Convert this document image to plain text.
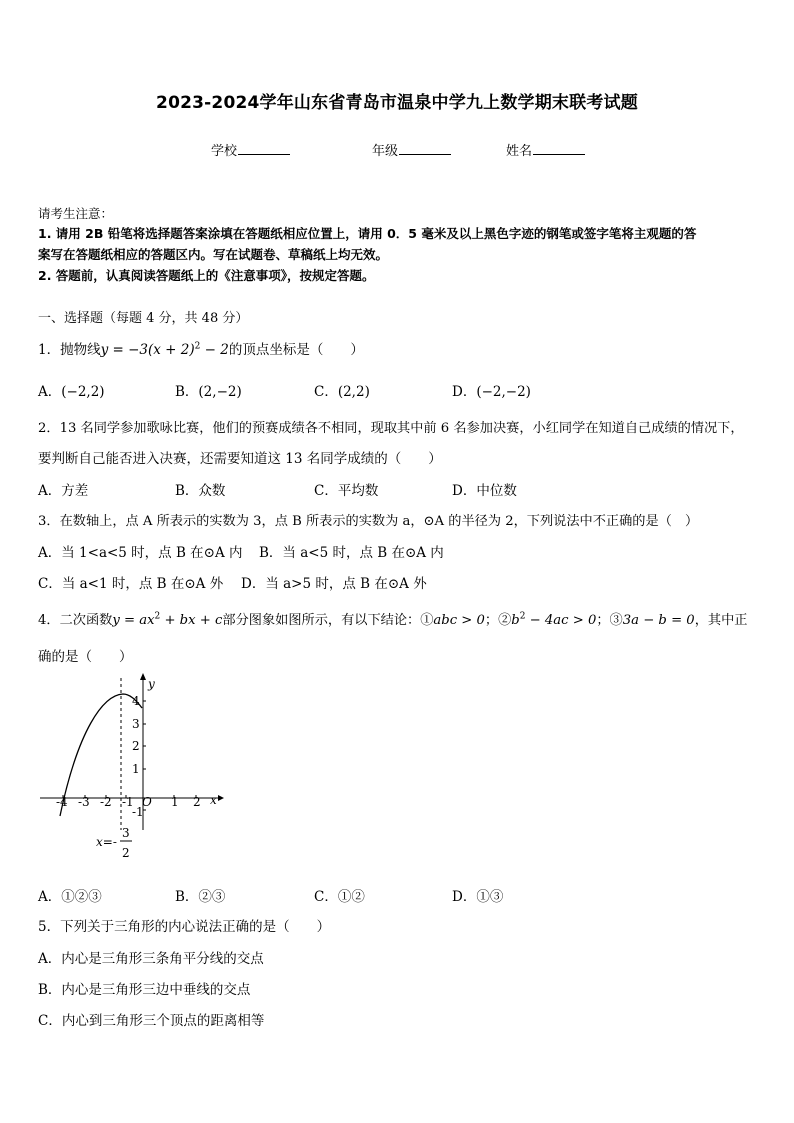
2023-2024学年山东省青岛市温泉中学九上数学期末联考试题
学校	年级	姓名
请考生注意：
1. 请用 2B 铅笔将选择题答案涂填在答题纸相应位置上，请用 0．5 毫米及以上黑色字迹的钢笔或签字笔将主观题的答
案写在答题纸相应的答题区内。写在试题卷、草稿纸上均无效。
2. 答题前，认真阅读答题纸上的《注意事项》，按规定答题。
一、选择题（每题 4 分，共 48 分）
1．抛物线$y = -3(x + 2)^2 - 2$的顶点坐标是（　　）
A．(−2,2)	B．(2,−2)	C．(2,2)	D．(−2,−2)
2．13 名同学参加歌咏比赛，他们的预赛成绩各不相同，现取其中前 6 名参加决赛，小红同学在知道自己成绩的情况下，
要判断自己能否进入决赛，还需要知道这 13 名同学成绩的（　　）
A．方差	B．众数	C．平均数	D．中位数
3．在数轴上，点 A 所表示的实数为 3，点 B 所表示的实数为 a，⊙A 的半径为 2，下列说法中不正确的是（　）
A．当 1<a<5 时，点 B 在⊙A 内 B．当 a<5 时，点 B 在⊙A 内
C．当 a<1 时，点 B 在⊙A 外 D．当 a>5 时，点 B 在⊙A 外
4．二次函数$y = ax^2$ + bx + c部分图象如图所示，有以下结论：①abc > 0；$②b^2 - 4ac > 0$；③3a − b = 0，其中正
确的是（　　）
y
x
O
-4 -3 -2 -1	1 2
4
3
2
1
-1
x=-
3
2
A．①②③	B．②③	C．①②	D．①③
5．下列关于三角形的内心说法正确的是（　　）
A．内心是三角形三条角平分线的交点
B．内心是三角形三边中垂线的交点
C．内心到三角形三个顶点的距离相等
